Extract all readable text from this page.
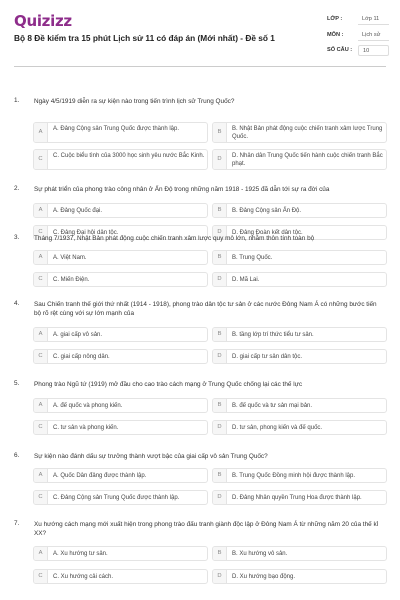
Quizizz
Bộ 8 Đề kiểm tra 15 phút Lịch sử 11 có đáp án (Mới nhất) - Đề số 1
LỚP :	Lớp 11
MÔN :	Lịch sử
SỐ CÂU :	10
1. Ngày 4/5/1919 diễn ra sự kiện nào trong tiến trình lịch sử Trung Quốc?
A	A. Đảng Cộng sản Trung Quốc được thành lập.	B	B. Nhật Bản phát động cuộc chiến tranh xâm lược Trung Quốc.
C	C. Cuộc biểu tình của 3000 học sinh yêu nước Bắc Kinh.	D	D. Nhân dân Trung Quốc tiến hành cuộc chiến tranh Bắc phạt.
2. Sự phát triển của phong trào công nhân ở Ấn Độ trong những năm 1918 - 1925 đã dẫn tới sự ra đời của
A	A. Đảng Quốc đại.	B	B. Đảng Cộng sản Ấn Độ.
C	C. Đảng Đại hội dân tộc.	D	D. Đảng Đoàn kết dân tộc.
3. Tháng 7/1937, Nhật Bản phát động cuộc chiến tranh xâm lược quy mô lớn, nhằm thôn tính toàn bộ
A	A. Việt Nam.	B	B. Trung Quốc.
C	C. Miến Điện.	D	D. Mã Lai.
4. Sau Chiến tranh thế giới thứ nhất (1914 - 1918), phong trào dân tộc tư sản ở các nước Đông Nam Á có những bước tiến bộ rõ rệt cùng với sự lớn mạnh của
A	A. giai cấp vô sản.	B	B. tầng lớp trí thức tiểu tư sản.
C	C. giai cấp nông dân.	D	D. giai cấp tư sản dân tộc.
5. Phong trào Ngũ tứ (1919) mở đầu cho cao trào cách mạng ở Trung Quốc chống lại các thế lực
A	A. đế quốc và phong kiến.	B	B. đế quốc và tư sản mại bản.
C	C. tư sản và phong kiến.	D	D. tư sản, phong kiến và đế quốc.
6. Sự kiện nào đánh dấu sự trưởng thành vượt bậc của giai cấp vô sản Trung Quốc?
A	A. Quốc Dân đảng được thành lập.	B	B. Trung Quốc Đồng minh hội được thành lập.
C	C. Đảng Cộng sản Trung Quốc được thành lập.	D	D. Đảng Nhân quyền Trung Hoa được thành lập.
7. Xu hướng cách mạng mới xuất hiện trong phong trào đấu tranh giành độc lập ở Đông Nam Á từ những năm 20 của thế kỉ XX?
A	A. Xu hướng tư sản.	B	B. Xu hướng vô sản.
C	C. Xu hướng cải cách.	D	D. Xu hướng bạo động.
